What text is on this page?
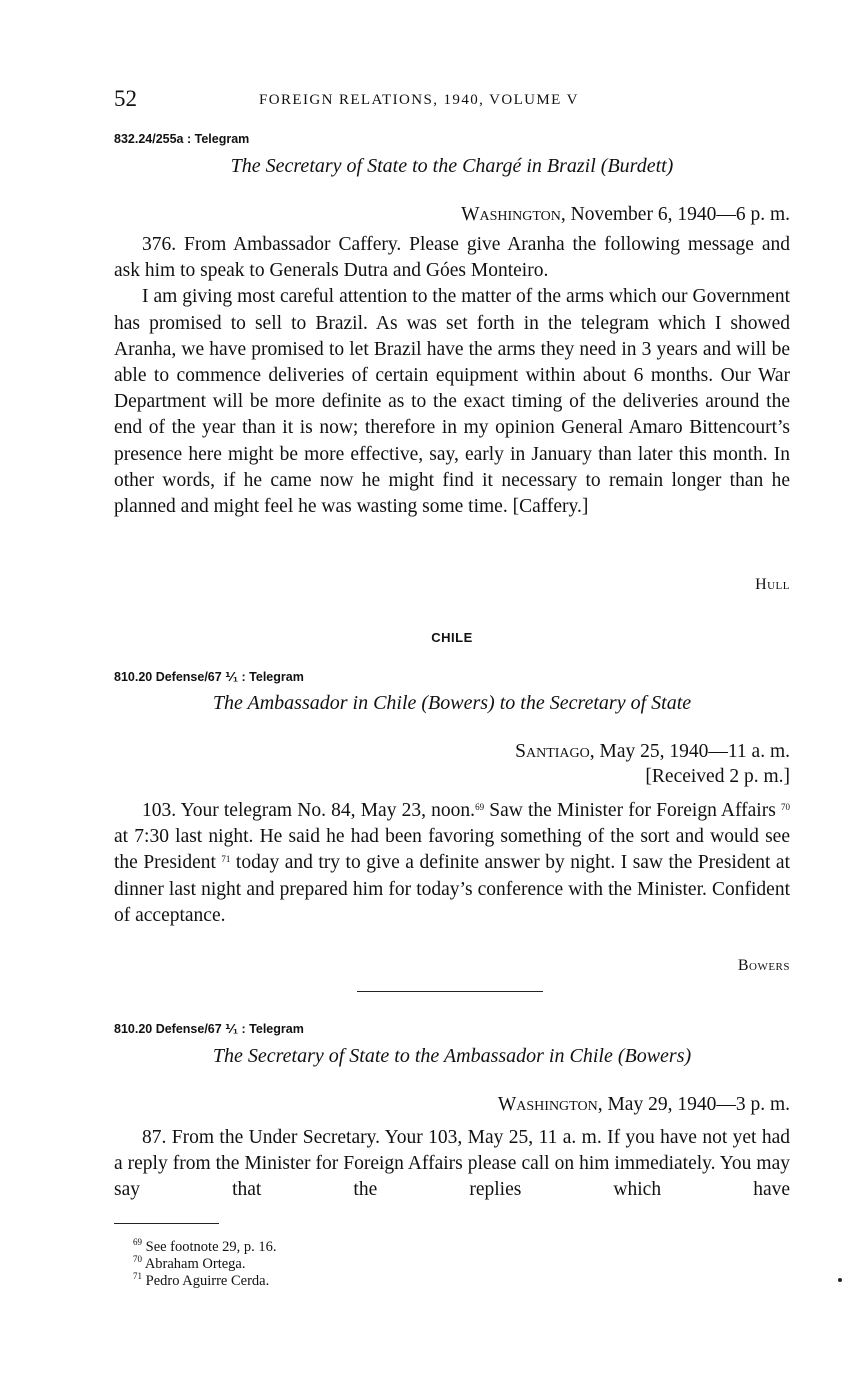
52	FOREIGN RELATIONS, 1940, VOLUME V
832.24/255a : Telegram
The Secretary of State to the Chargé in Brazil (Burdett)
Washington, November 6, 1940—6 p. m.

376. From Ambassador Caffery. Please give Aranha the following message and ask him to speak to Generals Dutra and Góes Monteiro.

I am giving most careful attention to the matter of the arms which our Government has promised to sell to Brazil. As was set forth in the telegram which I showed Aranha, we have promised to let Brazil have the arms they need in 3 years and will be able to commence deliveries of certain equipment within about 6 months. Our War Department will be more definite as to the exact timing of the deliveries around the end of the year than it is now; therefore in my opinion General Amaro Bittencourt’s presence here might be more effective, say, early in January than later this month. In other words, if he came now he might find it necessary to remain longer than he planned and might feel he was wasting some time. [Caffery.]

Hull
CHILE
810.20 Defense/67 ⅟₁ : Telegram
The Ambassador in Chile (Bowers) to the Secretary of State
Santiago, May 25, 1940—11 a. m.
[Received 2 p. m.]

103. Your telegram No. 84, May 23, noon.$^{69}$ Saw the Minister for Foreign Affairs $^{70}$ at 7:30 last night. He said he had been favoring something of the sort and would see the President $^{71}$ today and try to give a definite answer by night. I saw the President at dinner last night and prepared him for today’s conference with the Minister. Confident of acceptance.

Bowers
810.20 Defense/67 ⅟₁ : Telegram
The Secretary of State to the Ambassador in Chile (Bowers)
Washington, May 29, 1940—3 p. m.

87. From the Under Secretary. Your 103, May 25, 11 a. m. If you have not yet had a reply from the Minister for Foreign Affairs please call on him immediately. You may say that the replies which have

$^{69}$ See footnote 29, p. 16.
$^{70}$ Abraham Ortega.
$^{71}$ Pedro Aguirre Cerda.
